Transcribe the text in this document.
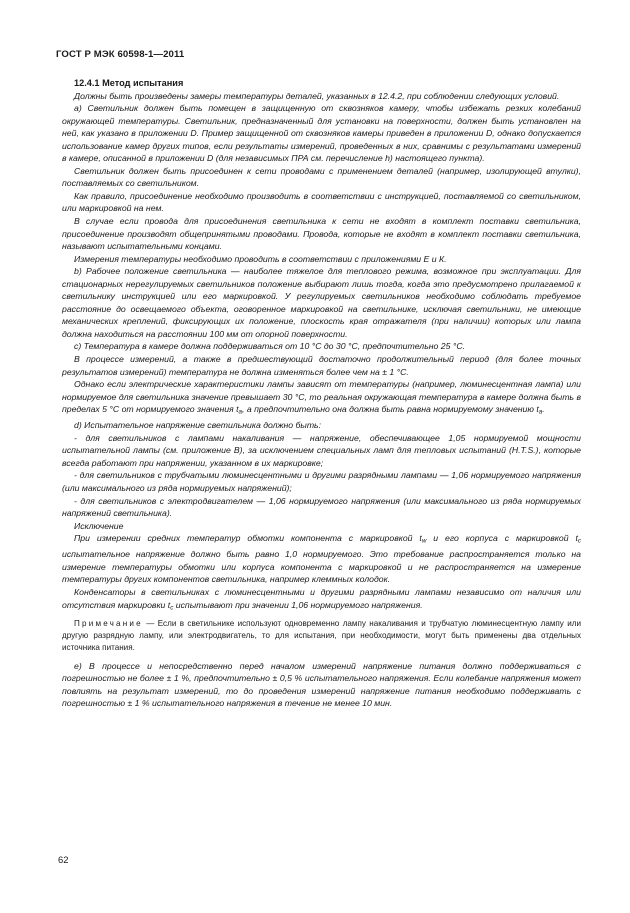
ГОСТ Р МЭК 60598-1—2011
12.4.1 Метод испытания

Должны быть произведены замеры температуры деталей, указанных в 12.4.2, при соблюдении следующих условий.

а) Светильник должен быть помещен в защищенную от сквозняков камеру, чтобы избежать резких колебаний окружающей температуры. Светильник, предназначенный для установки на поверхности, должен быть установлен на ней, как указано в приложении D. Пример защищенной от сквозняков камеры приведен в приложении D, однако допускается использование камер других типов, если результаты измерений, проведенных в них, сравнимы с результатами измерений в камере, описанной в приложении D (для независимых ПРА см. перечисление h) настоящего пункта).

Светильник должен быть присоединен к сети проводами с применением деталей (например, изолирующей втулки), поставляемых со светильником.

Как правило, присоединение необходимо производить в соответствии с инструкцией, поставляемой со светильником, или маркировкой на нем.

В случае если провода для присоединения светильника к сети не входят в комплект поставки светильника, присоединение производят общепринятыми проводами. Провода, которые не входят в комплект поставки светильника, называют испытательными концами.

Измерения температуры необходимо проводить в соответствии с приложениями Е и К.

b) Рабочее положение светильника — наиболее тяжелое для теплового режима, возможное при эксплуатации. Для стационарных нерегулируемых светильников положение выбирают лишь тогда, когда это предусмотрено прилагаемой к светильнику инструкцией или его маркировкой. У регулируемых светильников необходимо соблюдать требуемое расстояние до освещаемого объекта, оговоренное маркировкой на светильнике, исключая светильники, не имеющие механических креплений, фиксирующих их положение, плоскость края отражателя (при наличии) которых или лампа должна находиться на расстоянии 100 мм от опорной поверхности.

с) Температура в камере должна поддерживаться от 10 °С до 30 °С, предпочтительно 25 °С.

В процессе измерений, а также в предшествующий достаточно продолжительный период (для более точных результатов измерений) температура не должна изменяться более чем на ± 1 °С.

Однако если электрические характеристики лампы зависят от температуры (например, люминесцентная лампа) или нормируемое для светильника значение превышает 30 °С, то реальная окружающая температура в камере должна быть в пределах 5 °С от нормируемого значения $t_a$, а предпочтительно она должна быть равна нормируемому значению $t_a$.

d) Испытательное напряжение светильника должно быть:

- для светильников с лампами накаливания — напряжение, обеспечивающее 1,05 нормируемой мощности испытательной лампы (см. приложение В), за исключением специальных ламп для тепловых испытаний (H.T.S.), которые всегда работают при напряжении, указанном в их маркировке;

- для светильников с трубчатыми люминесцентными и другими разрядными лампами — 1,06 нормируемого напряжения (или максимального из ряда нормируемых напряжений);

- для светильников с электродвигателем — 1,06 нормируемого напряжения (или максимального из ряда нормируемых напряжений светильника).

Исключение

При измерении средних температур обмотки компонента с маркировкой $t_w$ и его корпуса с маркировкой $t_c$ испытательное напряжение должно быть равно 1,0 нормируемого. Это требование распространяется только на измерение температуры обмотки или корпуса компонента с маркировкой и не распространяется на измерение температуры других компонентов светильника, например клеммных колодок.

Конденсаторы в светильниках с люминесцентными и другими разрядными лампами независимо от наличия или отсутствия маркировки $t_c$ испытывают при значении 1,06 нормируемого напряжения.

Примечание — Если в светильнике используют одновременно лампу накаливания и трубчатую люминесцентную лампу или другую разрядную лампу, или электродвигатель, то для испытания, при необходимости, могут быть применены два отдельных источника питания.

е) В процессе и непосредственно перед началом измерений напряжение питания должно поддерживаться с погрешностью не более ± 1 %, предпочтительно ± 0,5 % испытательного напряжения. Если колебание напряжения может повлиять на результат измерений, то до проведения измерений напряжение питания необходимо поддерживать с погрешностью ± 1 % испытательного напряжения в течение не менее 10 мин.

62
